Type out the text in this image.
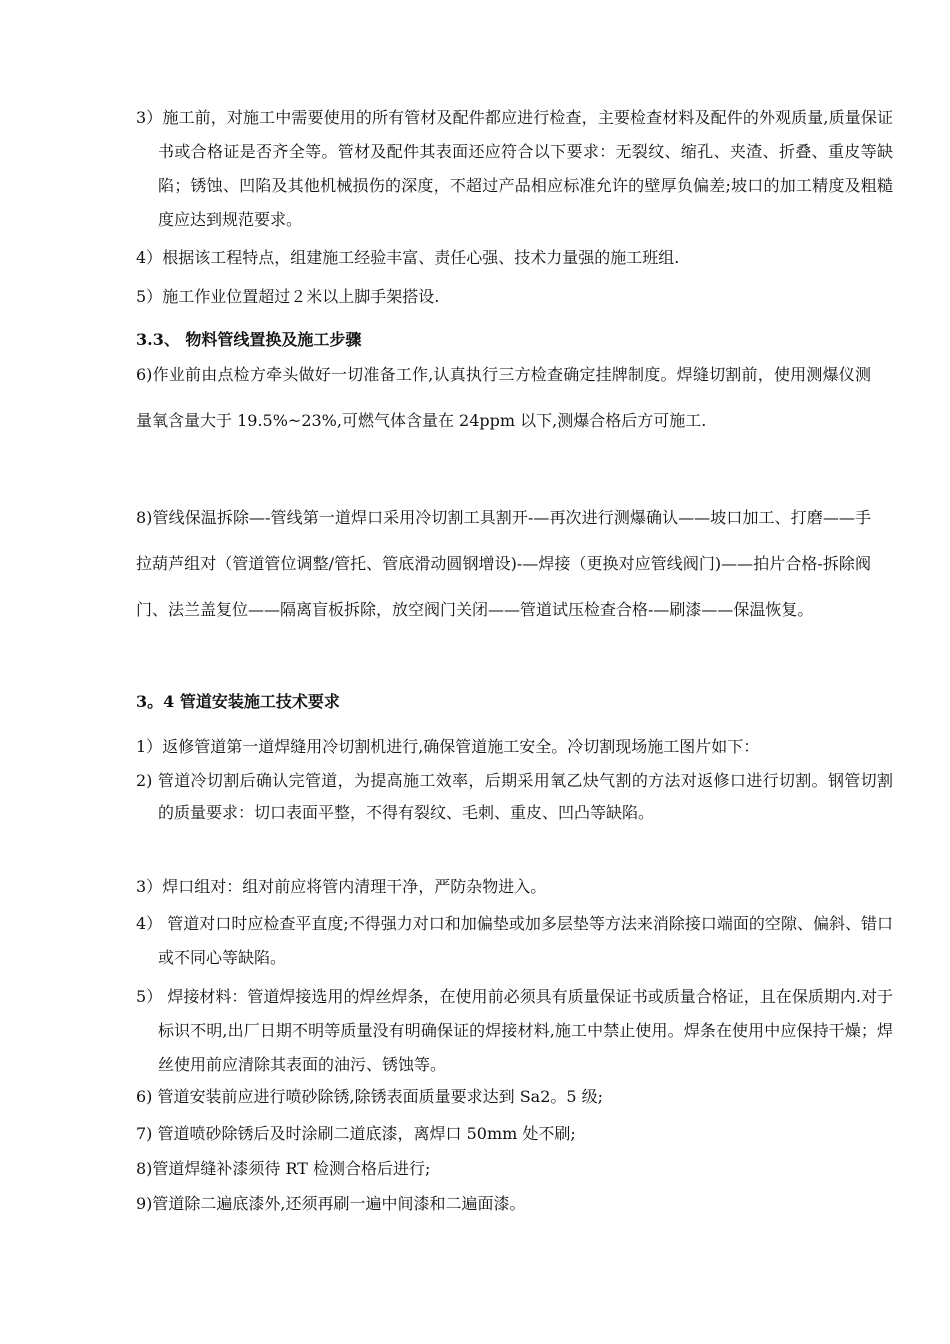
3）施工前，对施工中需要使用的所有管材及配件都应进行检查，主要检查材料及配件的外观质量,质量保证书或合格证是否齐全等。管材及配件其表面还应符合以下要求：无裂纹、缩孔、夹渣、折叠、重皮等缺陷；锈蚀、凹陷及其他机械损伤的深度，不超过产品相应标准允许的壁厚负偏差;坡口的加工精度及粗糙度应达到规范要求。

4）根据该工程特点，组建施工经验丰富、责任心强、技术力量强的施工班组.

5）施工作业位置超过２米以上脚手架搭设.

3.3、 物料管线置换及施工步骤

6)作业前由点检方牵头做好一切准备工作,认真执行三方检查确定挂牌制度。焊缝切割前，使用测爆仪测量氧含量大于 19.5%~23%,可燃气体含量在 24ppm 以下,测爆合格后方可施工.

8)管线保温拆除—-管线第一道焊口采用冷切割工具割开-—再次进行测爆确认——坡口加工、打磨——手拉葫芦组对（管道管位调整/管托、管底滑动圆钢增设)-—焊接（更换对应管线阀门)——拍片合格-拆除阀门、法兰盖复位——隔离盲板拆除，放空阀门关闭——管道试压检查合格-—刷漆——保温恢复。

3。4 管道安装施工技术要求

1）返修管道第一道焊缝用冷切割机进行,确保管道施工安全。冷切割现场施工图片如下：

2) 管道冷切割后确认完管道，为提高施工效率，后期采用氧乙炔气割的方法对返修口进行切割。钢管切割的质量要求：切口表面平整，不得有裂纹、毛刺、重皮、凹凸等缺陷。

3）焊口组对：组对前应将管内清理干净，严防杂物进入。

4） 管道对口时应检查平直度;不得强力对口和加偏垫或加多层垫等方法来消除接口端面的空隙、偏斜、错口或不同心等缺陷。

5） 焊接材料：管道焊接选用的焊丝焊条，在使用前必须具有质量保证书或质量合格证，且在保质期内.对于标识不明,出厂日期不明等质量没有明确保证的焊接材料,施工中禁止使用。焊条在使用中应保持干燥；焊丝使用前应清除其表面的油污、锈蚀等。

6) 管道安装前应进行喷砂除锈,除锈表面质量要求达到 Sa2。5 级;

7) 管道喷砂除锈后及时涂刷二道底漆，离焊口 50mm 处不刷;

8)管道焊缝补漆须待 RT 检测合格后进行;

9)管道除二遍底漆外,还须再刷一遍中间漆和二遍面漆。
